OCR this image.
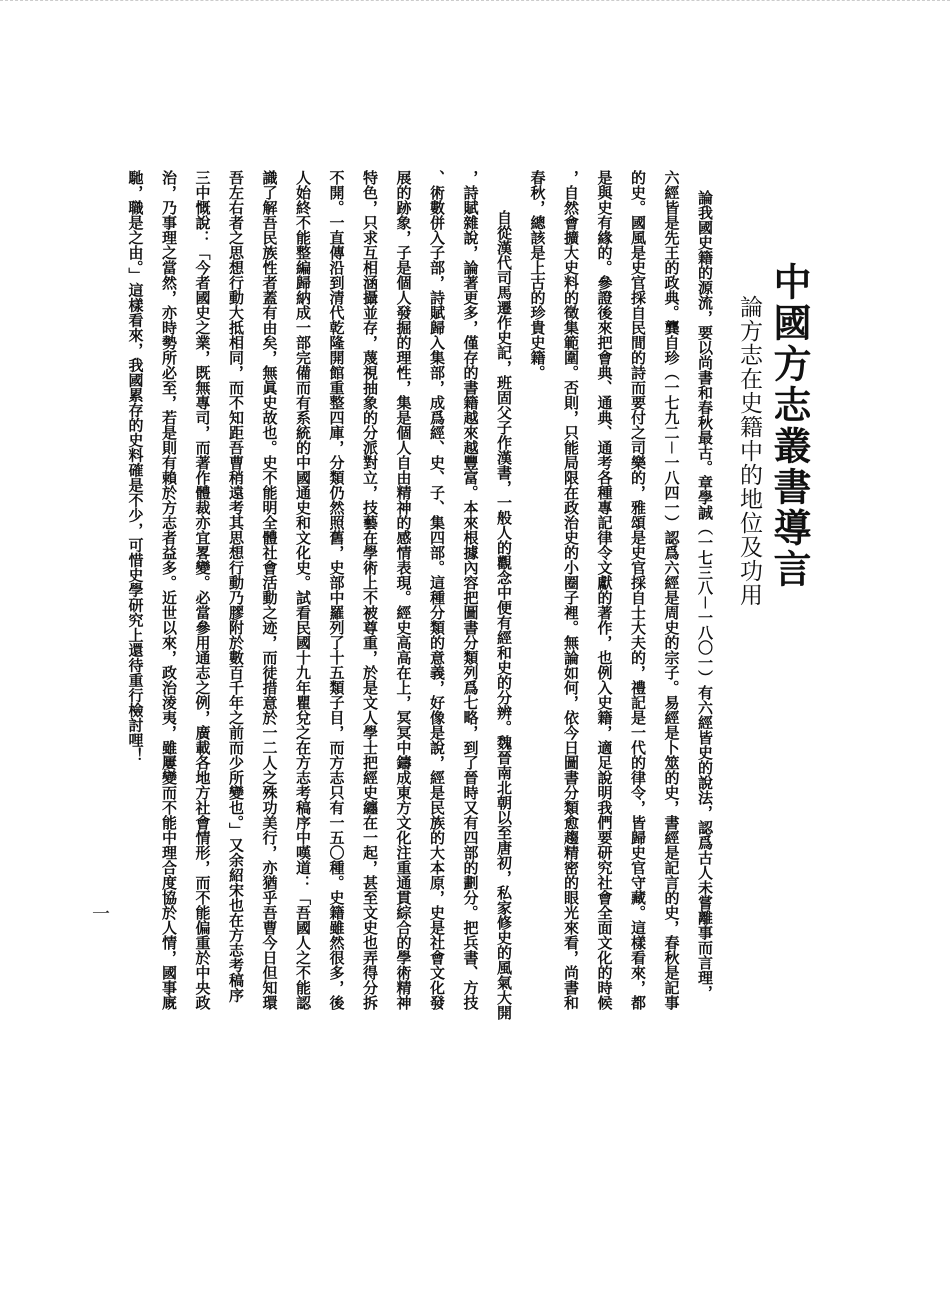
中國方志叢書導言
論方志在史籍中的地位及功用
論我國史籍的源流，要以尚書和春秋最古。章學誠（一七三八－一八〇一）有六經皆史的說法，認爲古人未嘗離事而言理，
六經皆是先王的政典。龔自珍（一七九二－一八四一）認爲六經是周史的宗子。易經是卜筮的史，書經是記言的史，春秋是記事
的史。國風是史官採自民間的詩而要付之司樂的，雅頌是史官採自士大夫的，禮記是一代的律令，皆歸史官守藏。這樣看來，都
是與史有緣的。參證後來把會典、通典、通考各種專記律令文獻的著作，也例入史籍，適足說明我們要研究社會全面文化的時候
，自然會擴大史料的徵集範圍。否則，只能局限在政治史的小圈子裡。無論如何，依今日圖書分類愈趨精密的眼光來看，尚書和
春秋，總該是上古的珍貴史籍。
自從漢代司馬遷作史記，班固父子作漢書，一般人的觀念中便有經和史的分辨。魏晉南北朝以至唐初，私家修史的風氣大開
，詩賦雜說，論著更多，僅存的書籍越來越豐富。本來根據內容把圖書分類列爲七略，到了晉時又有四部的劃分。把兵書、方技
、術數併入子部，詩賦歸入集部，成爲經、史、子、集四部。這種分類的意義，好像是說，經是民族的大本原，史是社會文化發
展的跡象，子是個人發掘的理性，集是個人自由精神的感情表現。經史高高在上，冥冥中鑄成東方文化注重通貫綜合的學術精神
特色，只求互相涵攝並存，蔑視抽象的分派對立，技藝在學術上不被尊重，於是文人學士把經史纏在一起，甚至文史也弄得分拆
不開。一直傳沿到清代乾隆開館重整四庫，分類仍然照舊，史部中羅列了十五類子目，而方志只有一五〇種。史籍雖然很多，後
人始終不能整編歸納成一部完備而有系統的中國通史和文化史。試看民國十九年瞿兌之在方志考稿序中嘆道：「吾國人之不能認
識了解吾民族性者蓋有由矣，無眞史故也。史不能明全體社會活動之迹，而徒措意於一二人之殊功美行，亦猶乎吾曹今日但知環
吾左右者之思想行動大抵相同，而不知距吾曹稍遠考其思想行動乃膠附於數百千年之前而少所變也。」又余紹宋也在方志考稿序
三中慨說：「今者國史之業，既無專司，而著作體裁亦宜畧變。必當參用通志之例，廣載各地方社會情形，而不能偏重於中央政
治，乃事理之當然，亦時勢所必至，若是則有賴於方志者益多。近世以來，政治淩夷，雖屢變而不能中理合度協於人情，國事廐
馳，職是之由。」這樣看來，我國累存的史料確是不少，可惜史學研究上還待重行檢討哩！
一
